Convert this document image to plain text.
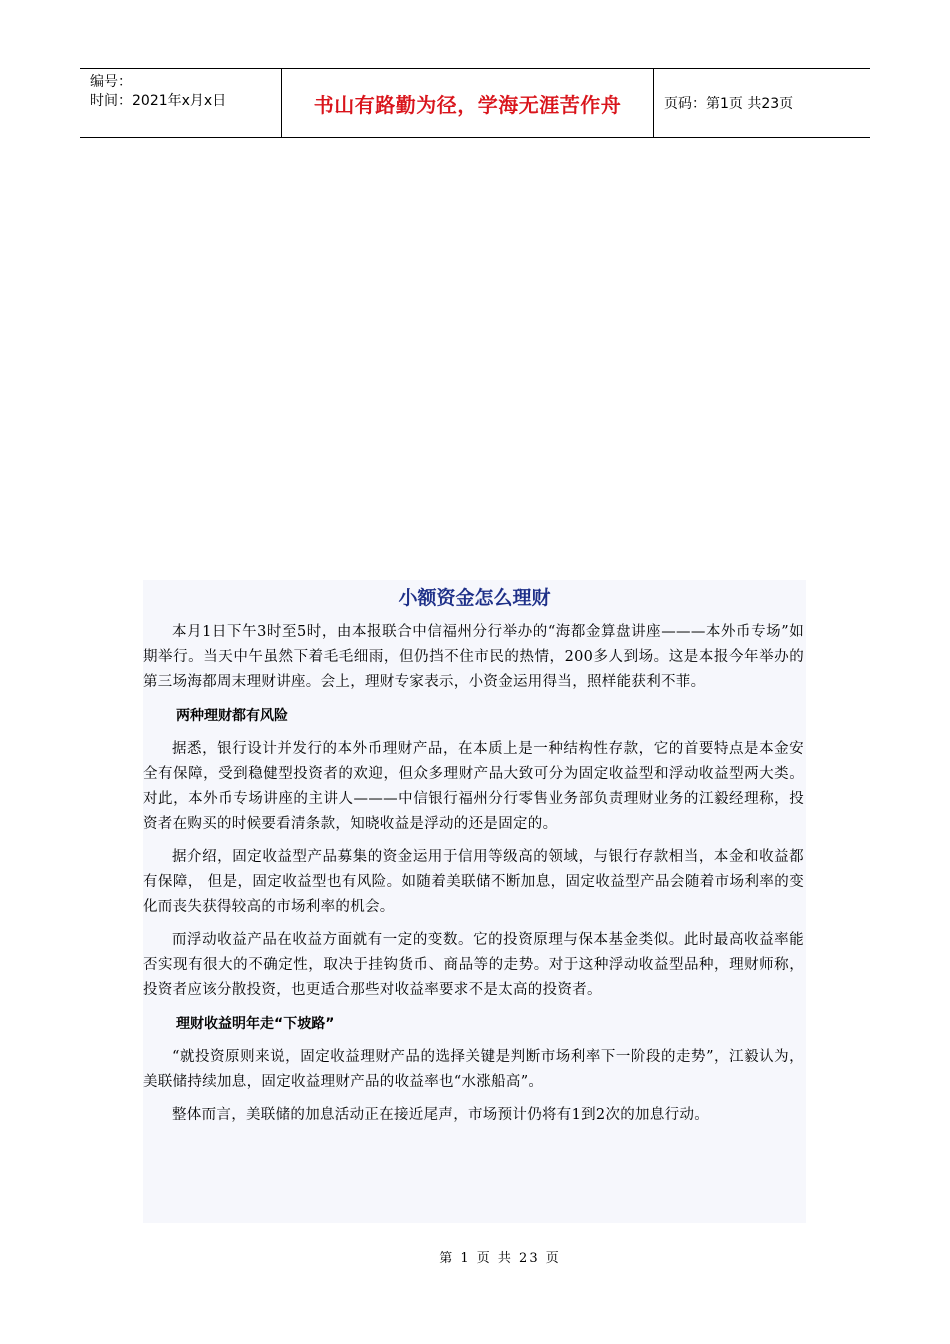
编号：
时间：2021年x月x日	书山有路勤为径，学海无涯苦作舟	页码：第1页 共23页
小额资金怎么理财

本月1日下午3时至5时，由本报联合中信福州分行举办的“海都金算盘讲座———本外币专场”如期举行。当天中午虽然下着毛毛细雨，但仍挡不住市民的热情，200多人到场。这是本报今年举办的第三场海都周末理财讲座。会上，理财专家表示，小资金运用得当，照样能获利不菲。

两种理财都有风险

据悉，银行设计并发行的本外币理财产品，在本质上是一种结构性存款，它的首要特点是本金安全有保障，受到稳健型投资者的欢迎，但众多理财产品大致可分为固定收益型和浮动收益型两大类。对此，本外币专场讲座的主讲人———中信银行福州分行零售业务部负责理财业务的江毅经理称，投资者在购买的时候要看清条款，知晓收益是浮动的还是固定的。

据介绍，固定收益型产品募集的资金运用于信用等级高的领域，与银行存款相当，本金和收益都有保障， 但是，固定收益型也有风险。如随着美联储不断加息，固定收益型产品会随着市场利率的变化而丧失获得较高的市场利率的机会。

而浮动收益产品在收益方面就有一定的变数。它的投资原理与保本基金类似。此时最高收益率能否实现有很大的不确定性，取决于挂钩货币、商品等的走势。对于这种浮动收益型品种，理财师称，投资者应该分散投资，也更适合那些对收益率要求不是太高的投资者。

理财收益明年走“下坡路”

“就投资原则来说，固定收益理财产品的选择关键是判断市场利率下一阶段的走势”，江毅认为，美联储持续加息，固定收益理财产品的收益率也“水涨船高”。

整体而言，美联储的加息活动正在接近尾声，市场预计仍将有1到2次的加息行动。

第 1 页 共 23 页
